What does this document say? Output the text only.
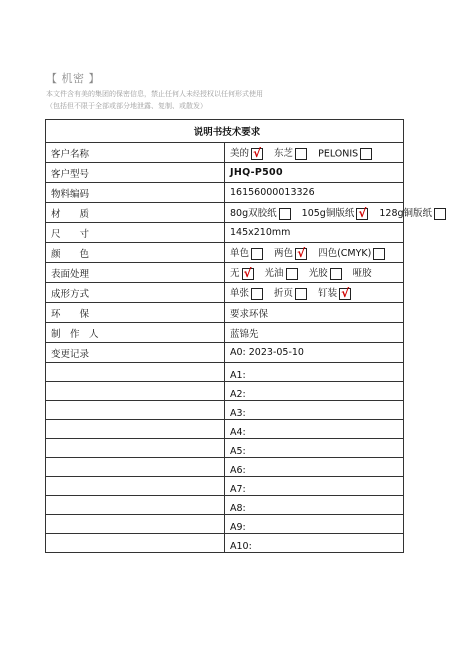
【 机密 】
本文件含有美的集团的保密信息，禁止任何人未经授权以任何形式使用
（包括但不限于全部或部分地泄露、复制、或散发）
说明书技术要求	
客户名称	美的 √ 东芝 PELONIS
客户型号	JHQ-P500
物料编码	16156000013326
材　　质	80g双胶纸 105g铜版纸 √ 128g铜版纸
尺　　寸	145x210mm
颜　　色	单色 两色 √ 四色(CMYK)
表面处理	无 √ 光油 光胶 哑胶
成形方式	单张 折页 钉装√
环　　保	要求环保
制　作　人	蓝锦先
变更记录	A0: 2023-05-10
	A1:
	A2:
	A3:
	A4:
	A5:
	A6:
	A7:
	A8:
	A9:
	A10:
